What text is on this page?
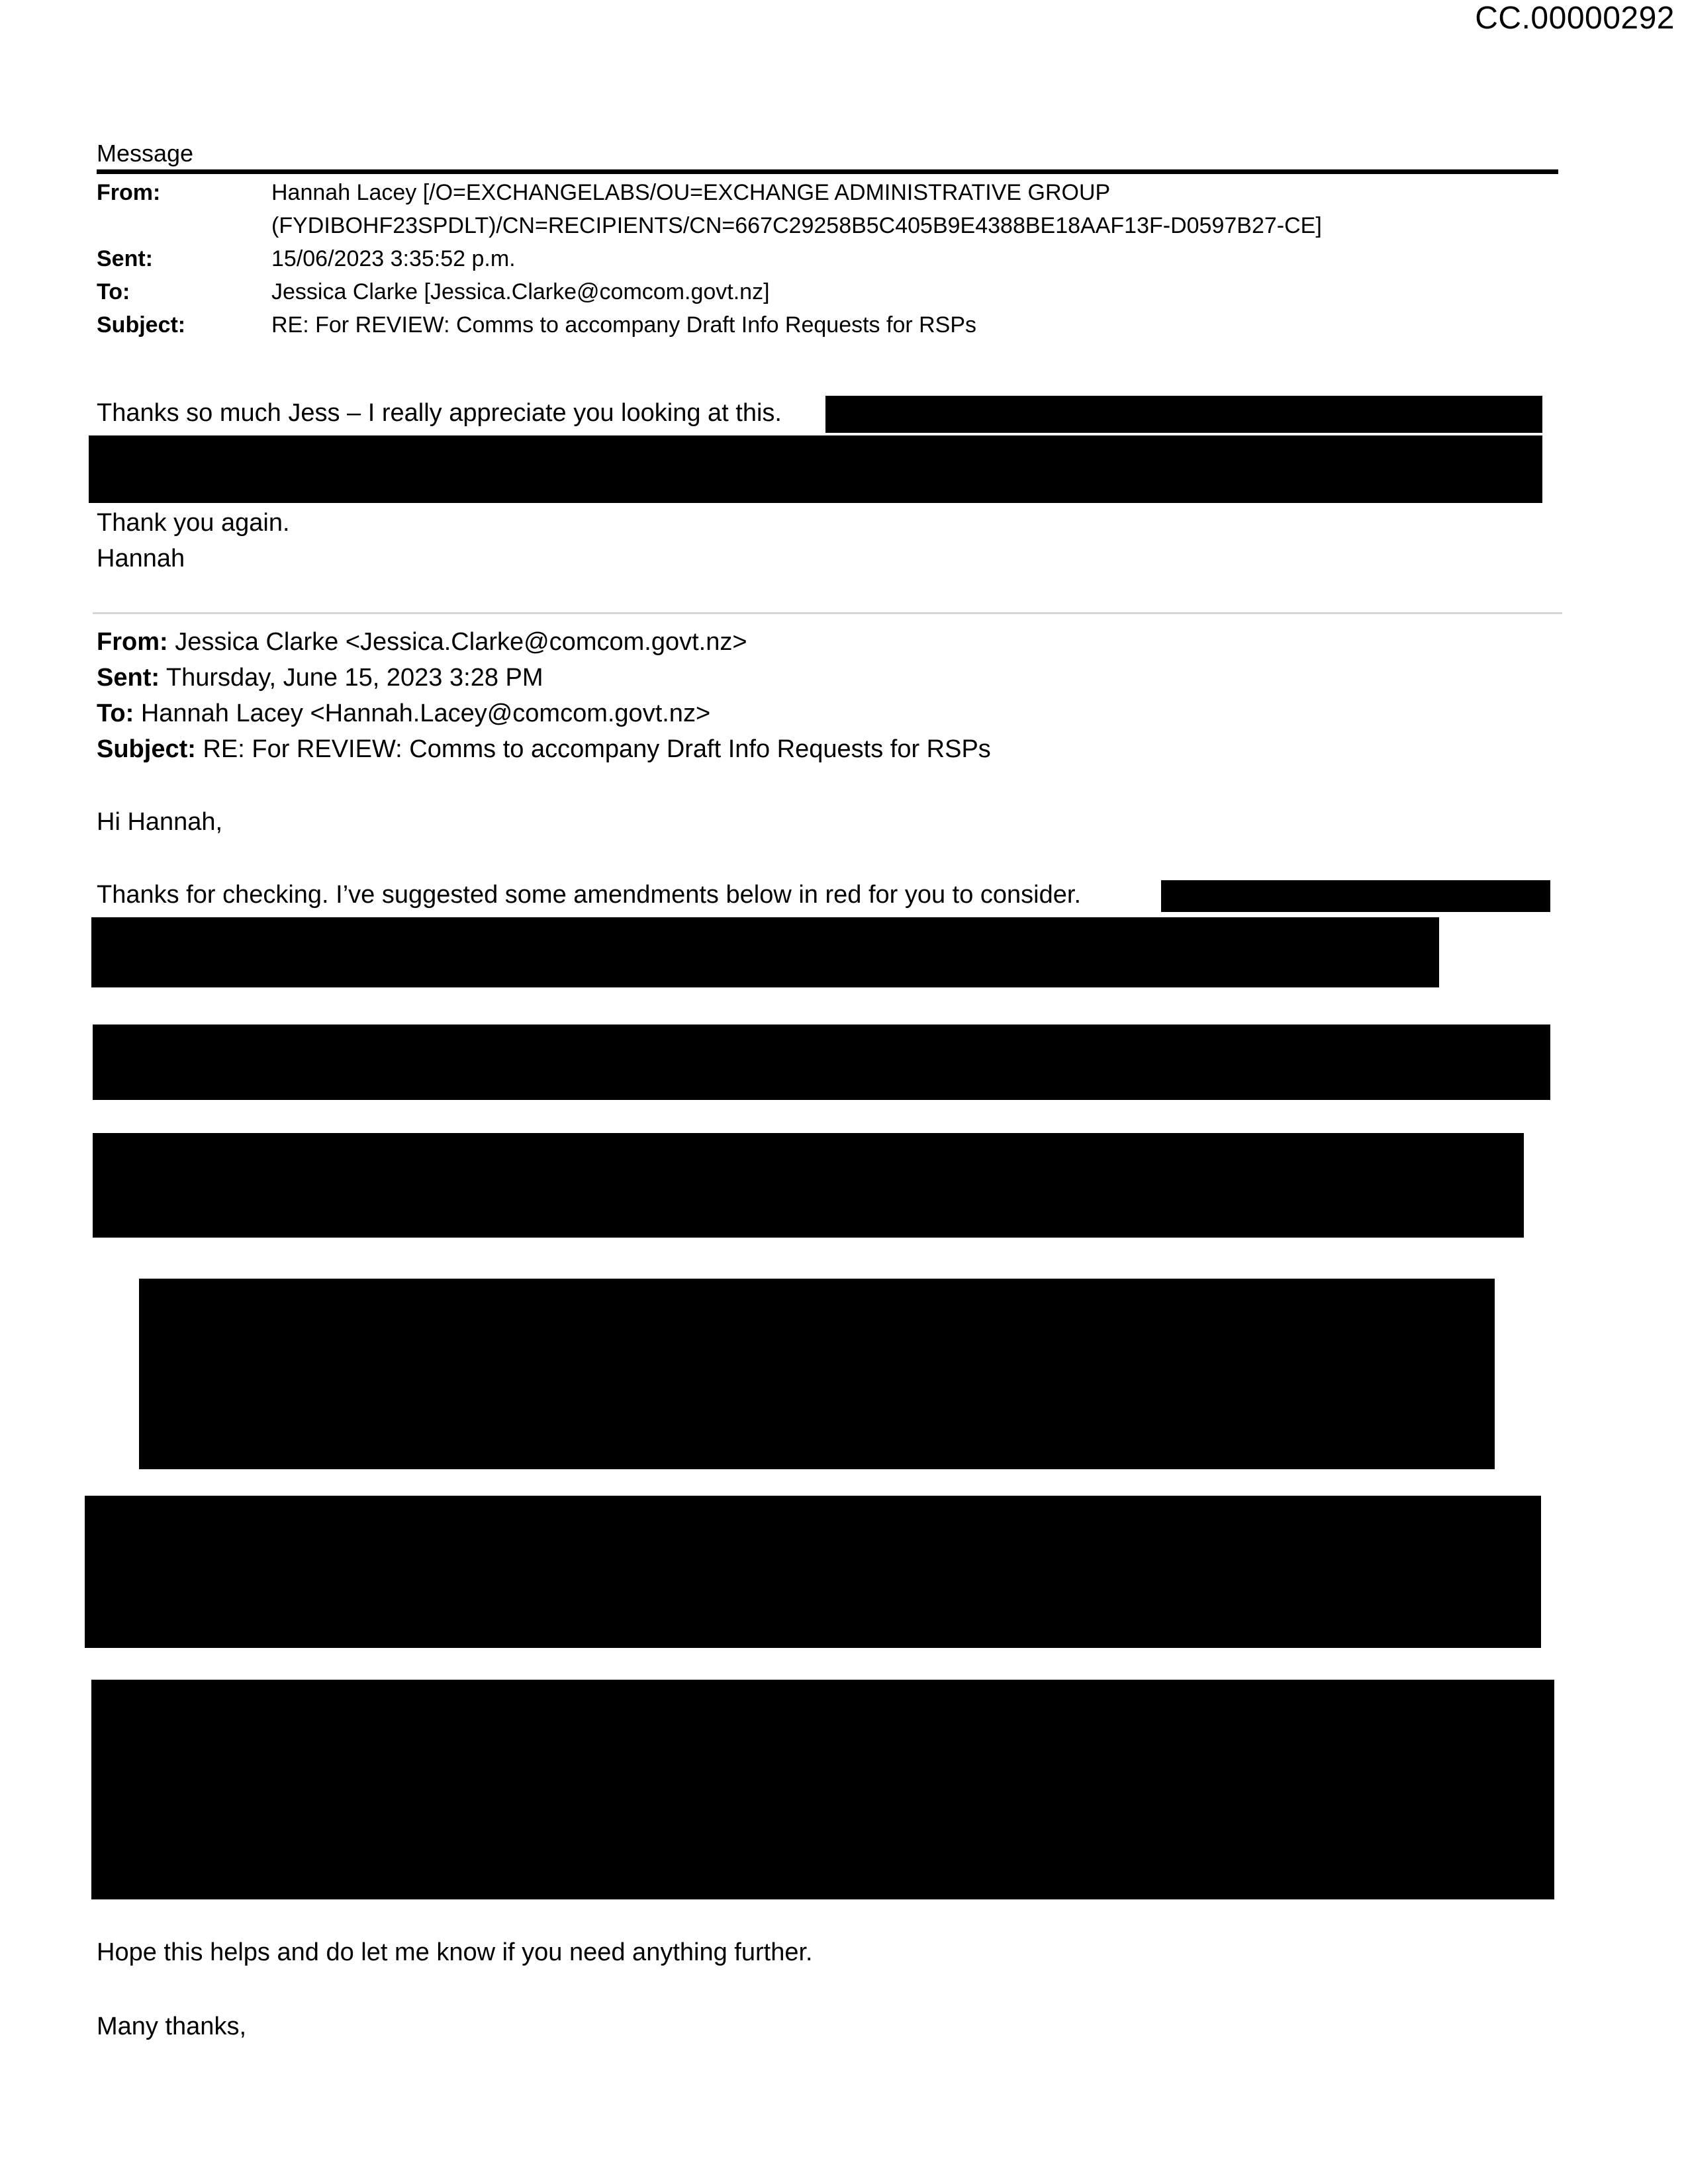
CC.00000292
Message
From:	Hannah Lacey [/O=EXCHANGELABS/OU=EXCHANGE ADMINISTRATIVE GROUP
(FYDIBOHF23SPDLT)/CN=RECIPIENTS/CN=667C29258B5C405B9E4388BE18AAF13F-D0597B27-CE]
Sent:	15/06/2023 3:35:52 p.m.
To:	Jessica Clarke [Jessica.Clarke@comcom.govt.nz]
Subject:	RE: For REVIEW: Comms to accompany Draft Info Requests for RSPs
Thanks so much Jess – I really appreciate you looking at this.
Thank you again.
Hannah
From: Jessica Clarke <Jessica.Clarke@comcom.govt.nz>
Sent: Thursday, June 15, 2023 3:28 PM
To: Hannah Lacey <Hannah.Lacey@comcom.govt.nz>
Subject: RE: For REVIEW: Comms to accompany Draft Info Requests for RSPs
Hi Hannah,
Thanks for checking. I’ve suggested some amendments below in red for you to consider.
Hope this helps and do let me know if you need anything further.
Many thanks,
